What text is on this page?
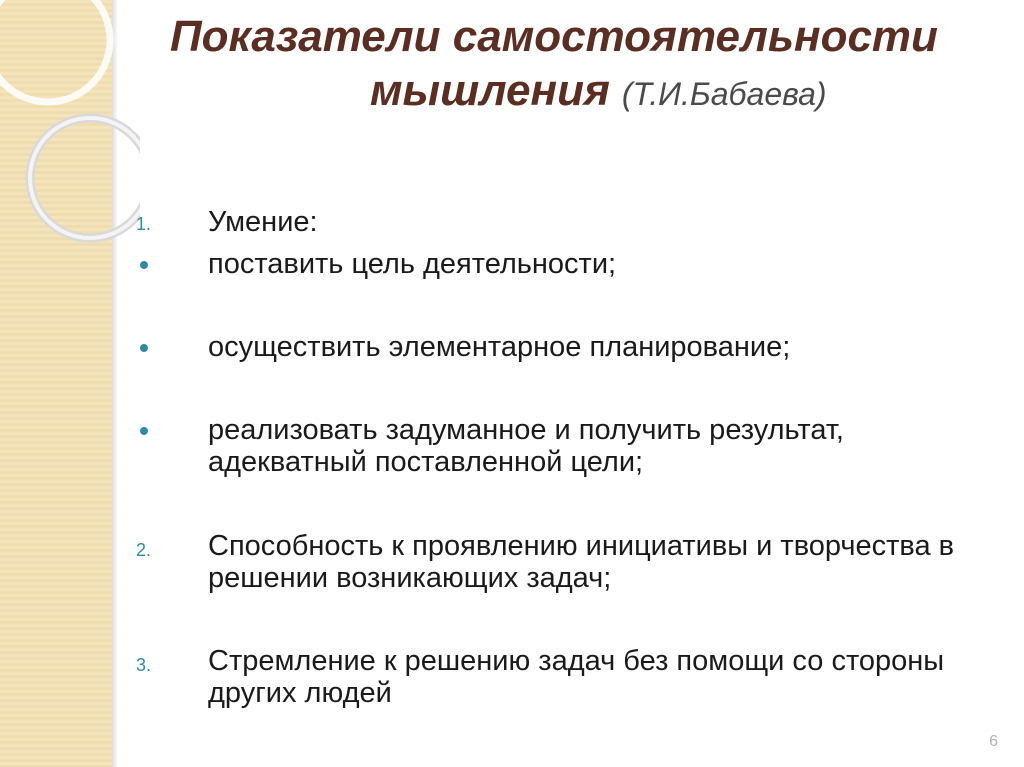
Показатели самостоятельности
мышления (Т.И.Бабаева)
1.	Умение:
поставить цель деятельности;
осуществить элементарное планирование;
реализовать задуманное и получить результат, адекватный поставленной цели;
2.	Способность к проявлению инициативы и творчества в решении возникающих задач;
3.	Стремление к решению задач без помощи со стороны других людей
6
